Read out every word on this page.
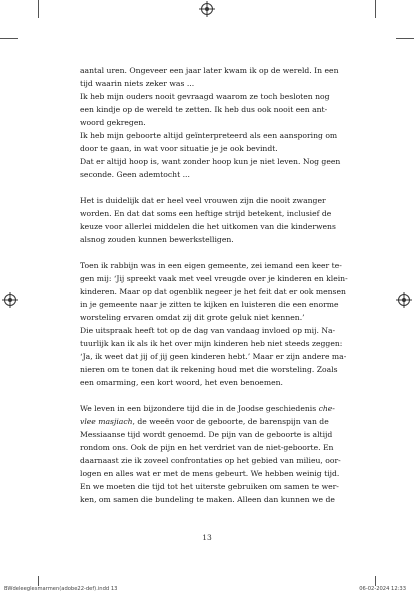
aantal uren. Ongeveer een jaar later kwam ik op de wereld. In een
tijd waarin niets zeker was ...
Ik heb mijn ouders nooit gevraagd waarom ze toch besloten nog
een kindje op de wereld te zetten. Ik heb dus ook nooit een ant-
woord gekregen.
Ik heb mijn geboorte altijd geïnterpreteerd als een aansporing om
door te gaan, in wat voor situatie je je ook bevindt.
Dat er altijd hoop is, want zonder hoop kun je niet leven. Nog geen
seconde. Geen ademtocht ...
Het is duidelijk dat er heel veel vrouwen zijn die nooit zwanger
worden. En dat dat soms een heftige strijd betekent, inclusief de
keuze voor allerlei middelen die het uitkomen van die kinderwens
alsnog zouden kunnen bewerkstelligen.
Toen ik rabbijn was in een eigen gemeente, zei iemand een keer te-
gen mij: ‘Jij spreekt vaak met veel vreugde over je kinderen en klein-
kinderen. Maar op dat ogenblik negeer je het feit dat er ook mensen
in je gemeente naar je zitten te kijken en luisteren die een enorme
worsteling ervaren omdat zij dit grote geluk niet kennen.’
Die uitspraak heeft tot op de dag van vandaag invloed op mij. Na-
tuurlijk kan ik als ik het over mijn kinderen heb niet steeds zeggen:
‘Ja, ik weet dat jij of jij geen kinderen hebt.’ Maar er zijn andere ma-
nieren om te tonen dat ik rekening houd met die worsteling. Zoals
een omarming, een kort woord, het even benoemen.
We leven in een bijzondere tijd die in de Joodse geschiedenis che-
vlee masjiach, de weeën voor de geboorte, de barenspijn van de
Messiaanse tijd wordt genoemd. De pijn van de geboorte is altijd
rondom ons. Ook de pijn en het verdriet van de niet-geboorte. En
daarnaast zie ik zoveel confrontaties op het gebied van milieu, oor-
logen en alles wat er met de mens gebeurt. We hebben weinig tijd.
En we moeten die tijd tot het uiterste gebruiken om samen te wer-
ken, om samen die bundeling te maken. Alleen dan kunnen we de
13
BWdeleeglesmarmen(adobe22-def).indd 13	06-02-2024 12:33
